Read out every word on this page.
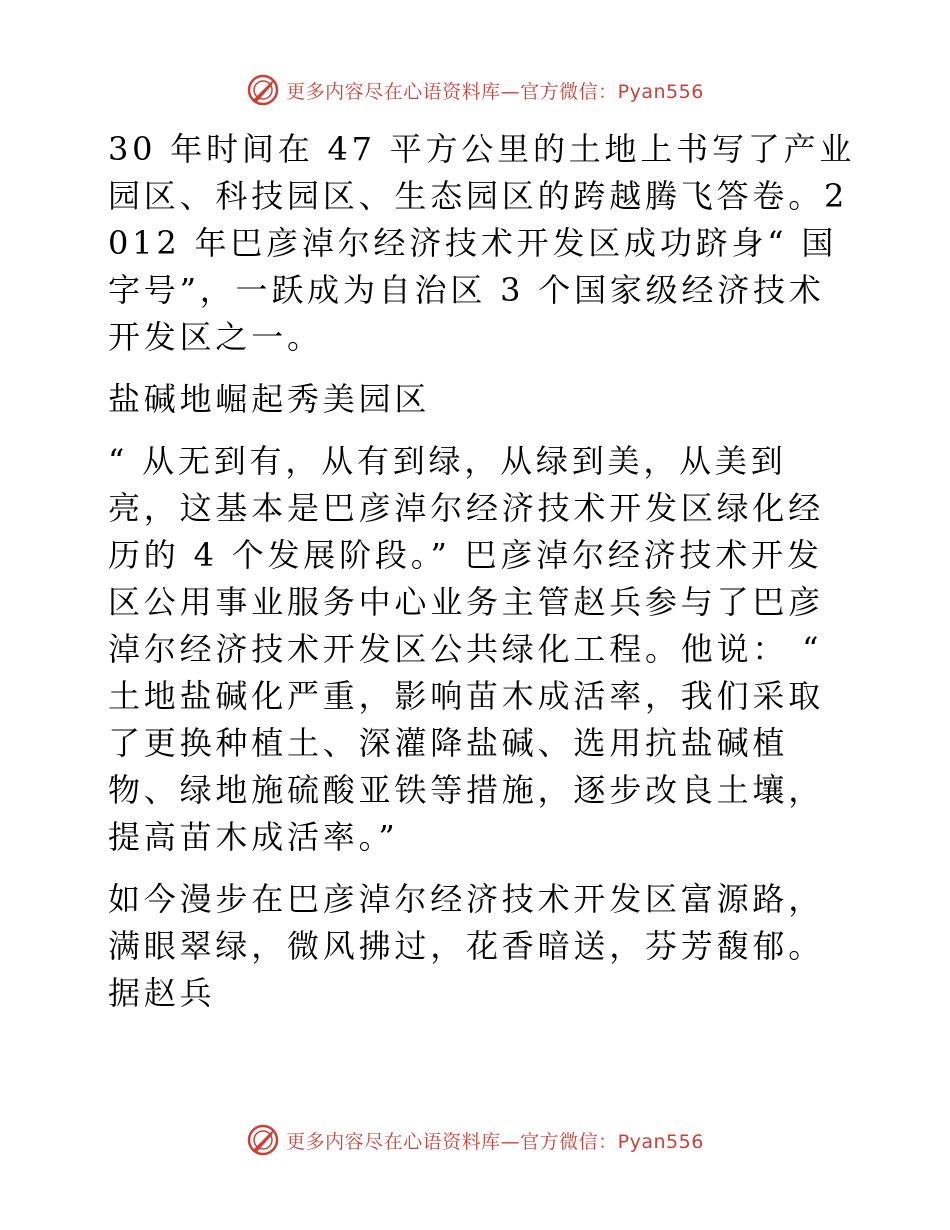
更多内容尽在心语资料库—官方微信：Pyan556

30 年时间在 47 平方公里的土地上书写了产业园区、科技园区、生态园区的跨越腾飞答卷。2012 年巴彦淖尔经济技术开发区成功跻身“ 国字号”，一跃成为自治区 3 个国家级经济技术开发区之一。

盐碱地崛起秀美园区

“ 从无到有，从有到绿，从绿到美，从美到亮，这基本是巴彦淖尔经济技术开发区绿化经历的 4 个发展阶段。” 巴彦淖尔经济技术开发区公用事业服务中心业务主管赵兵参与了巴彦淖尔经济技术开发区公共绿化工程。他说： “ 土地盐碱化严重，影响苗木成活率，我们采取了更换种植土、深灌降盐碱、选用抗盐碱植物、绿地施硫酸亚铁等措施，逐步改良土壤，提高苗木成活率。”

如今漫步在巴彦淖尔经济技术开发区富源路，满眼翠绿，微风拂过，花香暗送，芬芳馥郁。据赵兵

更多内容尽在心语资料库—官方微信：Pyan556
